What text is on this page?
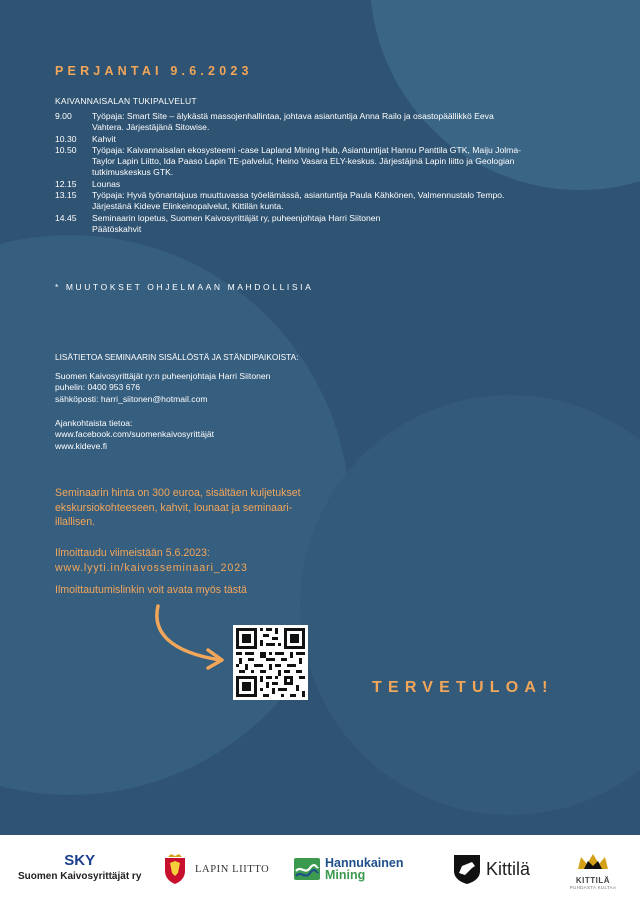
PERJANTAI 9.6.2023
KAIVANNAISALAN TUKIPALVELUT
9.00	Työpaja: Smart Site – älykästä massojenhallintaa, johtava asiantuntija Anna Railo ja osastopäällikkö Eeva Vahtera. Järjestäjänä Sitowise.
10.30	Kahvit
10.50	Työpaja: Kaivannaisalan ekosysteemi -case Lapland Mining Hub, Asiantuntijat Hannu Panttila GTK, Maiju Jolma-Taylor Lapin Liitto, Ida Paaso Lapin TE-palvelut, Heino Vasara ELY-keskus. Järjestäjinä Lapin liitto ja Geologian tutkimuskeskus GTK.
12.15	Lounas
13.15	Työpaja: Hyvä työnantajuus muuttuvassa työelämässä, asiantuntija Paula Kähkönen, Valmennustalo Tempo. Järjestänä Kideve Elinkeinopalvelut, Kittilän kunta.
14.45	Seminaarin lopetus, Suomen Kaivosyrittäjät ry, puheenjohtaja Harri Siitonen
Päätöskahvit
* MUUTOKSET OHJELMAAN MAHDOLLISIA
LISÄTIETOA SEMINAARIN SISÄLLÖSTÄ JA STÄNDIPAIKOISTA:
Suomen Kaivosyrittäjät ry:n puheenjohtaja Harri Siitonen
puhelin: 0400 953 676
sähköposti: harri_siitonen@hotmail.com
Ajankohtaista tietoa:
www.facebook.com/suomenkaivosyrittäjät
www.kideve.fi
Seminaarin hinta on 300 euroa, sisältäen kuljetukset ekskursiokohteeseen, kahvit, lounaat ja seminaari-illallisen.
Ilmoittaudu viimeistään 5.6.2023:
www.lyyti.in/kaivosseminaari_2023
Ilmoittautumislinkin voit avata myös tästä
TERVETULOA!
SKY
Suomen Kaivosyrittäjät ry
LAPIN LIITTO	Hannukainen
Mining	Kittilä
KITTILÄ
PUHDASTA KULTAA
